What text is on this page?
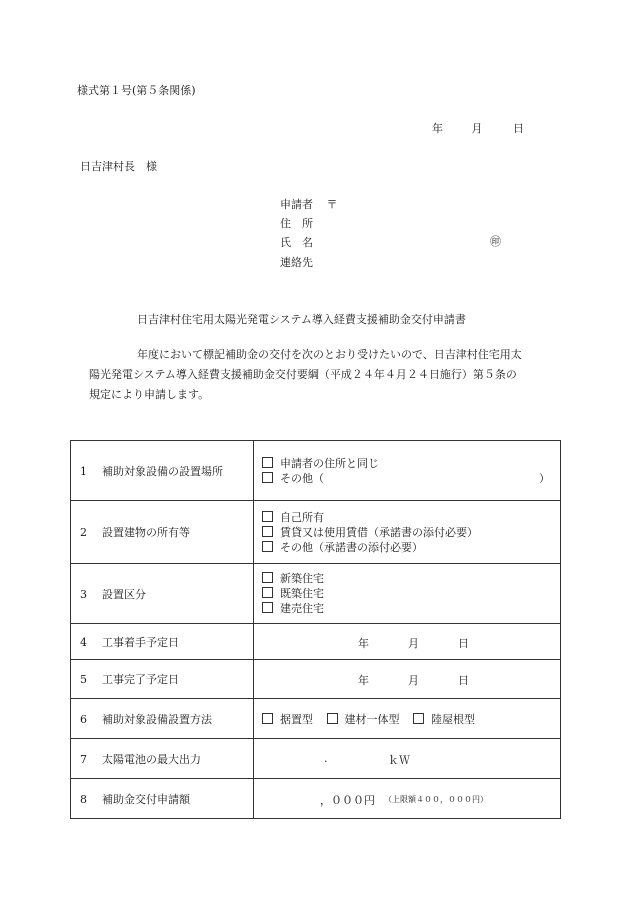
様式第１号(第５条関係)
年	月	日
日吉津村長　様
申請者 〒
住　所
氏　名	㊞
連絡先
日吉津村住宅用太陽光発電システム導入経費支援補助金交付申請書
年度において標記補助金の交付を次のとおり受けたいので、日吉津村住宅用太
陽光発電システム導入経費支援補助金交付要綱（平成２４年４月２４日施行）第５条の
規定により申請します。
1 補助対象設備の設置場所	申請者の住所と同じ
その他（ ）

2 設置建物の所有等	自己所有
賃貸又は使用賃借（承諾書の添付必要）
その他（承諾書の添付必要）

3 設置区分	新築住宅
既築住宅
建売住宅

4 工事着手予定日	年 月 日

5 工事完了予定日	年 月 日

6 補助対象設備設置方法	据置型 建材一体型 陸屋根型
7 太陽電池の最大出力	. ｋＷ

8 補助金交付申請額	，０００円 （上限額４００，０００円）
